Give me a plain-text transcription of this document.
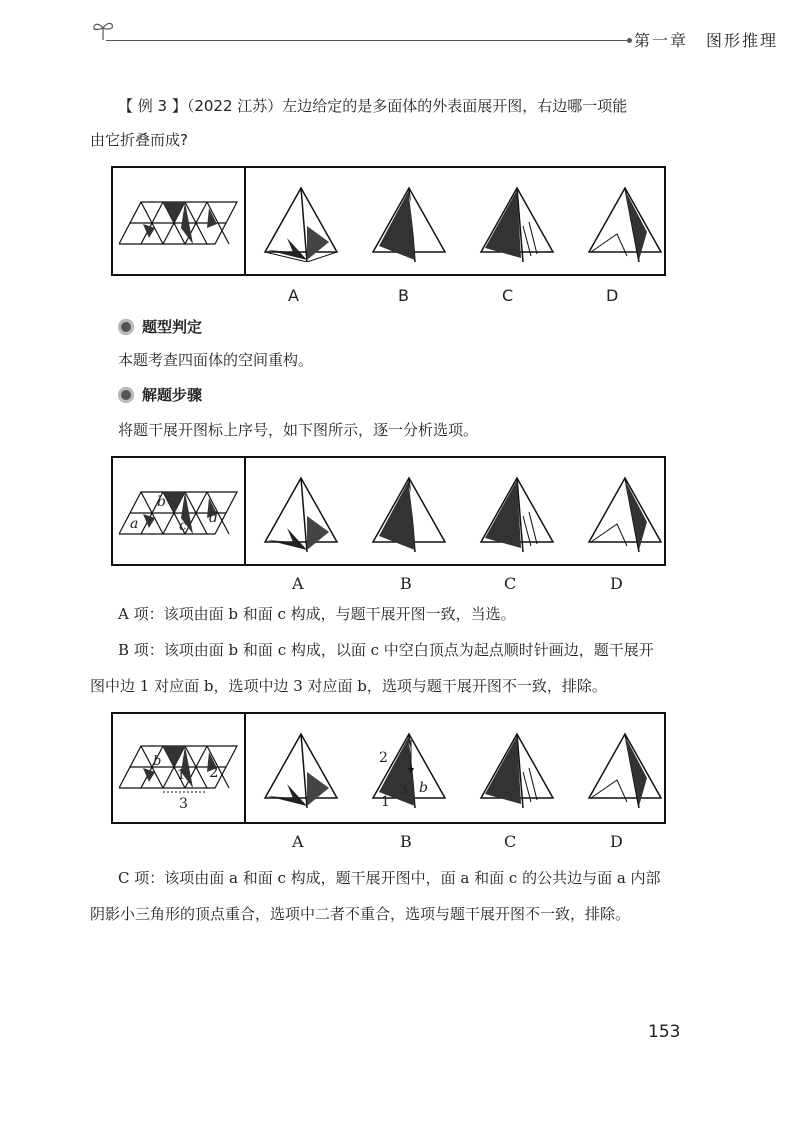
第一章　图形推理
【 例 3 】（2022 江苏）左边给定的是多面体的外表面展开图，右边哪一项能
由它折叠而成?
A	B	C	D
题型判定
本题考查四面体的空间重构。
解题步骤
将题干展开图标上序号，如下图所示，逐一分析选项。
a
b
c d
A	B	C	D
A 项：该项由面 b 和面 c 构成，与题干展开图一致，当选。
B 项：该项由面 b 和面 c 构成，以面 c 中空白顶点为起点顺时针画边，题干展开
图中边 1 对应面 b，选项中边 3 对应面 b，选项与题干展开图不一致，排除。
b
1 2
3
2
3
1
b
A	B	C	D
C 项：该项由面 a 和面 c 构成，题干展开图中，面 a 和面 c 的公共边与面 a 内部
阴影小三角形的顶点重合，选项中二者不重合，选项与题干展开图不一致，排除。
153
